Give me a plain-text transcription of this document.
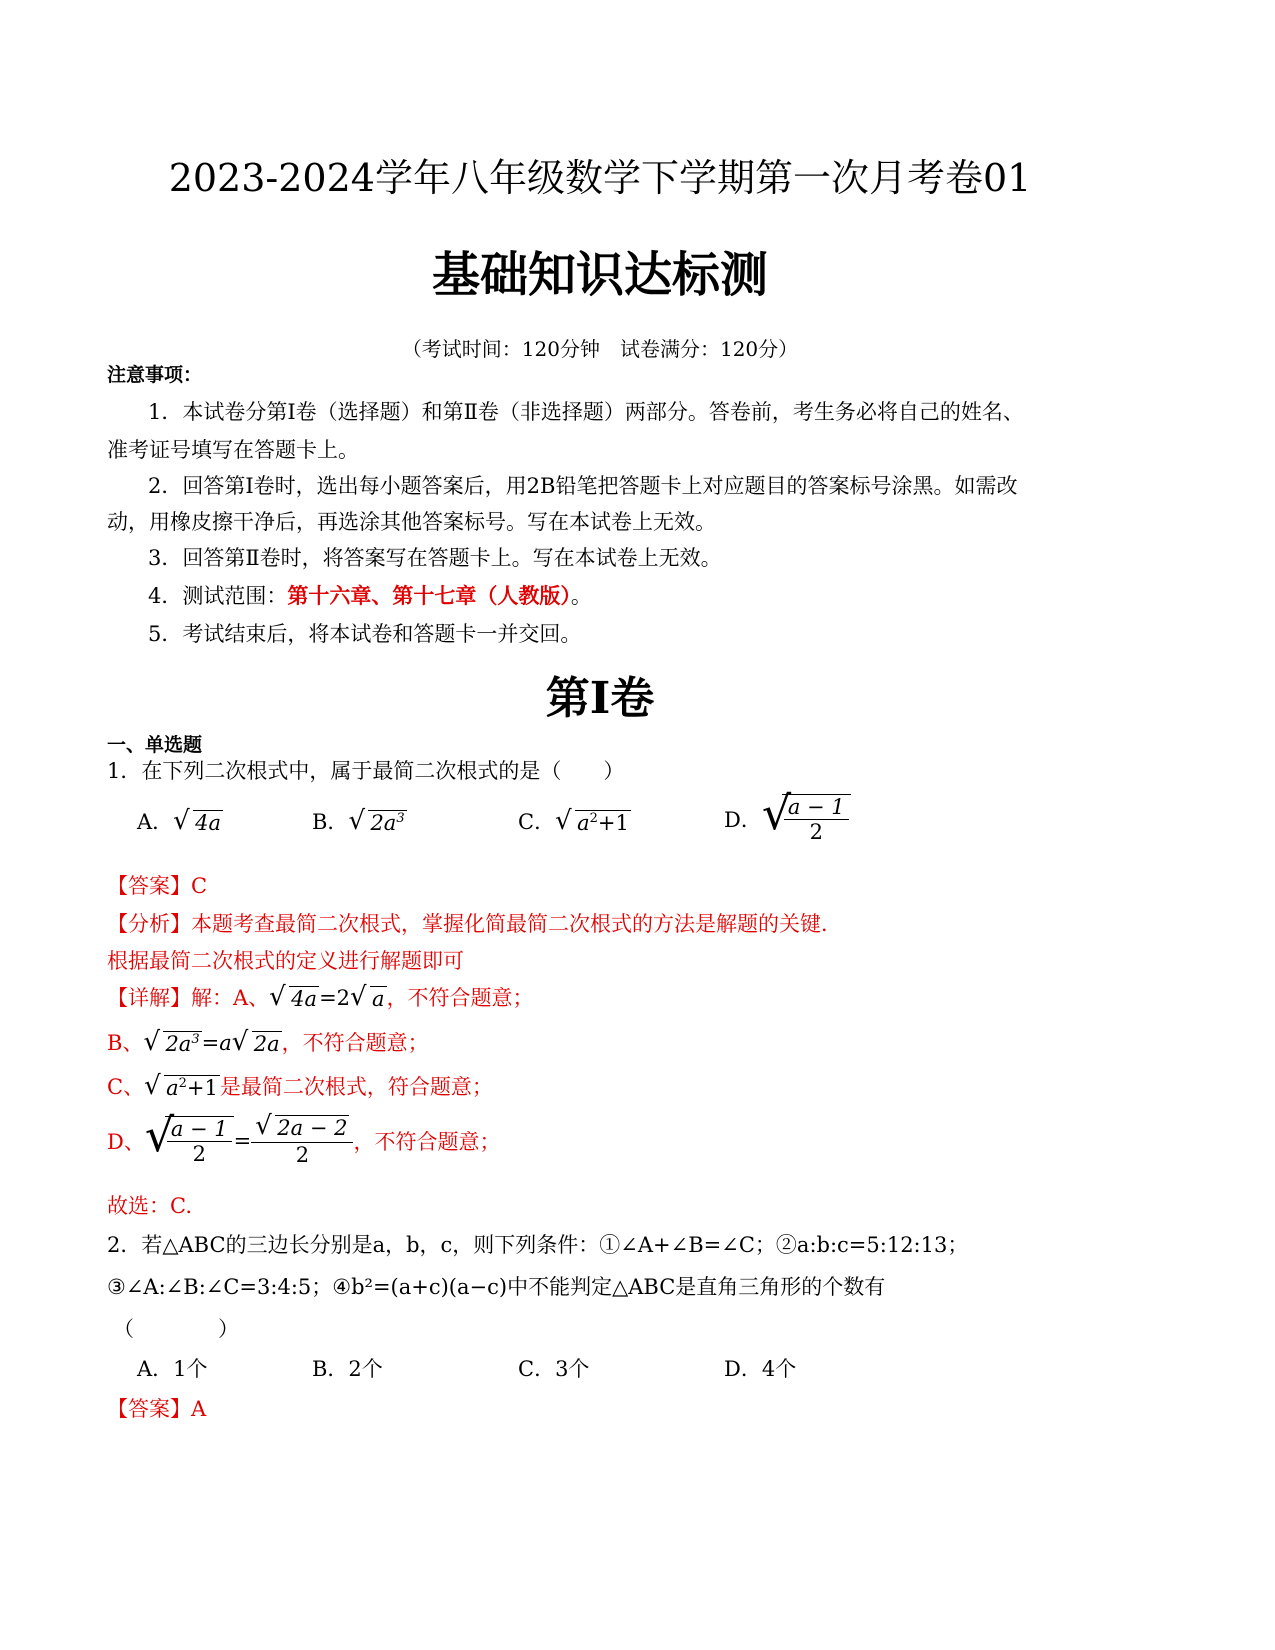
2023-2024学年八年级数学下学期第一次月考卷01
基础知识达标测
（考试时间：120分钟　试卷满分：120分）
注意事项：
1．本试卷分第Ⅰ卷（选择题）和第Ⅱ卷（非选择题）两部分。答卷前，考生务必将自己的姓名、
准考证号填写在答题卡上。
2．回答第Ⅰ卷时，选出每小题答案后，用2B铅笔把答题卡上对应题目的答案标号涂黑。如需改
动，用橡皮擦干净后，再选涂其他答案标号。写在本试卷上无效。
3．回答第Ⅱ卷时，将答案写在答题卡上。写在本试卷上无效。
4．测试范围：第十六章、第十七章（人教版）。
5．考试结束后，将本试卷和答题卡一并交回。
第Ⅰ卷
一、单选题
1．在下列二次根式中，属于最简二次根式的是（　　）
A． √ 4a	B． √ $2a^3$	C． √ $a^2+1$	D． √
$\frac{a - 1}{2}$
【答案】C
【分析】本题考查最简二次根式，掌握化简最简二次根式的方法是解题的关键．
根据最简二次根式的定义进行解题即可
【详解】解：A、 √ 4a=2 √ a，不符合题意；
B、 √ $2a^3=a$ √ 2a，不符合题意；
C、 √ $a^2+1$是最简二次根式，符合题意；
D、 √
$\frac{a - 1}{2} = \frac{√ 2a - 2}{2}$ ，不符合题意；
故选：C.
2．若△ABC的三边长分别是a，b，c，则下列条件：①∠A+∠B=∠C；②a:b:c=5:12:13；
③∠A:∠B:∠C=3:4:5；④b²=(a+c)(a−c)中不能判定△ABC是直角三角形的个数有
（　　　　）
A．1个	B．2个	C．3个	D．4个
【答案】A
